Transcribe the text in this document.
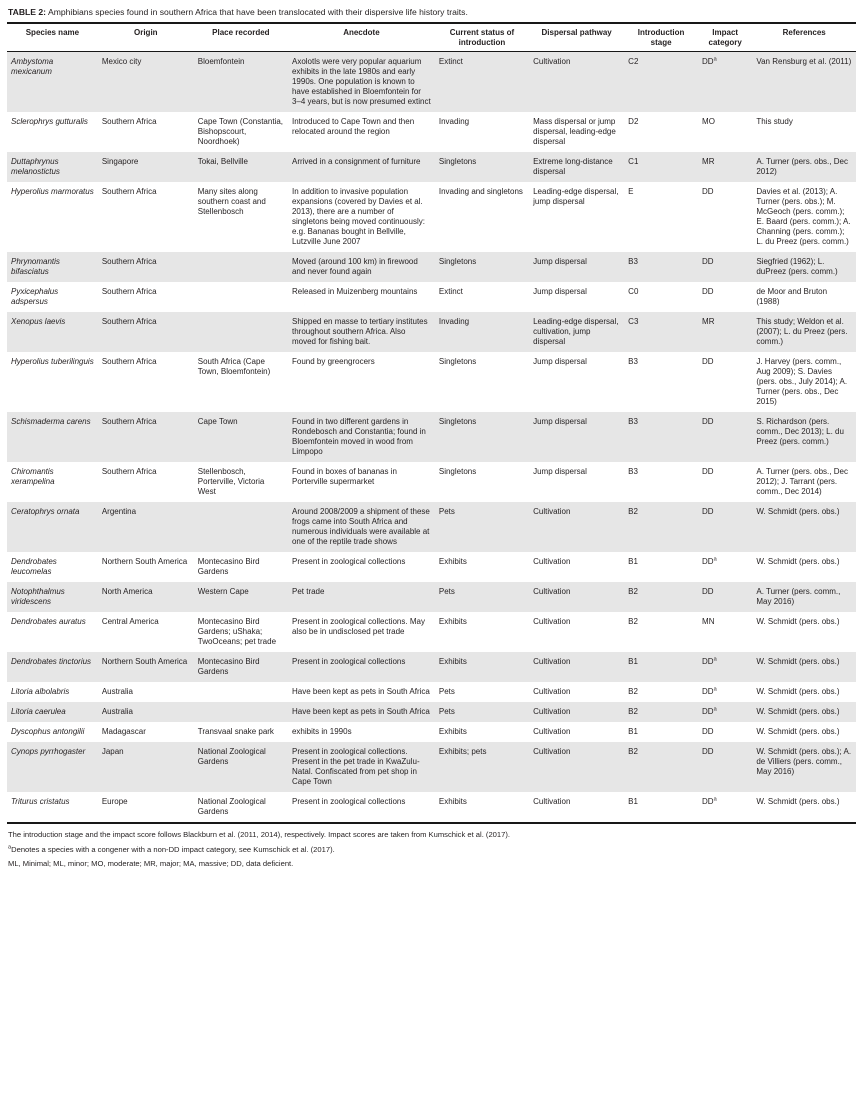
TABLE 2: Amphibians species found in southern Africa that have been translocated with their dispersive life history traits.

Species name	Origin	Place recorded	Anecdote	Current status of introduction	Dispersal pathway	Introduction stage	Impact category	References
Ambystoma mexicanum	Mexico city	Bloemfontein	Axolotls were very popular aquarium exhibits in the late 1980s and early 1990s. One population is known to have established in Bloemfontein for 3–4 years, but is now presumed extinct	Extinct	Cultivation	C2	$DD^a$	Van Rensburg et al. (2011)
Sclerophrys gutturalis	Southern Africa	Cape Town (Constantia, Bishopscourt, Noordhoek)	Introduced to Cape Town and then relocated around the region	Invading	Mass dispersal or jump dispersal, leading-edge dispersal	D2	MO	This study
Duttaphrynus melanostictus	Singapore	Tokai, Bellville	Arrived in a consignment of furniture	Singletons	Extreme long-distance dispersal	C1	MR	A. Turner (pers. obs., Dec 2012)
Hyperolius marmoratus	Southern Africa	Many sites along southern coast and Stellenbosch	In addition to invasive population expansions (covered by Davies et al. 2013), there are a number of singletons being moved continuously: e.g. Bananas bought in Bellville, Lutzville June 2007	Invading and singletons	Leading-edge dispersal, jump dispersal	E	DD	Davies et al. (2013); A. Turner (pers. obs.); M. McGeoch (pers. comm.); E. Baard (pers. comm.); A. Channing (pers. comm.); L. du Preez (pers. comm.)
Phrynomantis bifasciatus	Southern Africa		Moved (around 100 km) in firewood and never found again	Singletons	Jump dispersal	B3	DD	Siegfried (1962); L. duPreez (pers. comm.)
Pyxicephalus adspersus	Southern Africa		Released in Muizenberg mountains	Extinct	Jump dispersal	C0	DD	de Moor and Bruton (1988)
Xenopus laevis	Southern Africa		Shipped en masse to tertiary institutes throughout southern Africa. Also moved for fishing bait.	Invading	Leading-edge dispersal, cultivation, jump dispersal	C3	MR	This study; Weldon et al. (2007); L. du Preez (pers. comm.)
Hyperolius tuberilinguis	Southern Africa	South Africa (Cape Town, Bloemfontein)	Found by greengrocers	Singletons	Jump dispersal	B3	DD	J. Harvey (pers. comm., Aug 2009); S. Davies (pers. obs., July 2014); A. Turner (pers. obs., Dec 2015)
Schismaderma carens	Southern Africa	Cape Town	Found in two different gardens in Rondebosch and Constantia; found in Bloemfontein moved in wood from Limpopo	Singletons	Jump dispersal	B3	DD	S. Richardson (pers. comm., Dec 2013); L. du Preez (pers. comm.)
Chiromantis xerampelina	Southern Africa	Stellenbosch, Porterville, Victoria West	Found in boxes of bananas in Porterville supermarket	Singletons	Jump dispersal	B3	DD	A. Turner (pers. obs., Dec 2012); J. Tarrant (pers. comm., Dec 2014)
Ceratophrys ornata	Argentina		Around 2008/2009 a shipment of these frogs came into South Africa and numerous individuals were available at one of the reptile trade shows	Pets	Cultivation	B2	DD	W. Schmidt (pers. obs.)
Dendrobates leucomelas	Northern South America	Montecasino Bird Gardens	Present in zoological collections	Exhibits	Cultivation	B1	$DD^a$	W. Schmidt (pers. obs.)
Notophthalmus viridescens	North America	Western Cape	Pet trade	Pets	Cultivation	B2	DD	A. Turner (pers. comm., May 2016)
Dendrobates auratus	Central America	Montecasino Bird Gardens; uShaka; TwoOceans; pet trade	Present in zoological collections. May also be in undisclosed pet trade	Exhibits	Cultivation	B2	MN	W. Schmidt (pers. obs.)
Dendrobates tinctorius	Northern South America	Montecasino Bird Gardens	Present in zoological collections	Exhibits	Cultivation	B1	$DD^a$	W. Schmidt (pers. obs.)
Litoria albolabris	Australia		Have been kept as pets in South Africa	Pets	Cultivation	B2	$DD^a$	W. Schmidt (pers. obs.)
Litoria caerulea	Australia		Have been kept as pets in South Africa	Pets	Cultivation	B2	$DD^a$	W. Schmidt (pers. obs.)
Dyscophus antongilii	Madagascar	Transvaal snake park	exhibits in 1990s	Exhibits	Cultivation	B1	DD	W. Schmidt (pers. obs.)
Cynops pyrrhogaster	Japan	National Zoological Gardens	Present in zoological collections. Present in the pet trade in KwaZulu-Natal. Confiscated from pet shop in Cape Town	Exhibits; pets	Cultivation	B2	DD	W. Schmidt (pers. obs.); A. de Villiers (pers. comm., May 2016)
Triturus cristatus	Europe	National Zoological Gardens	Present in zoological collections	Exhibits	Cultivation	B1	$DD^a$	W. Schmidt (pers. obs.)

The introduction stage and the impact score follows Blackburn et al. (2011, 2014), respectively. Impact scores are taken from Kumschick et al. (2017).

$^a$Denotes a species with a congener with a non-DD impact category, see Kumschick et al. (2017).

ML, Minimal; ML, minor; MO, moderate; MR, major; MA, massive; DD, data deficient.
